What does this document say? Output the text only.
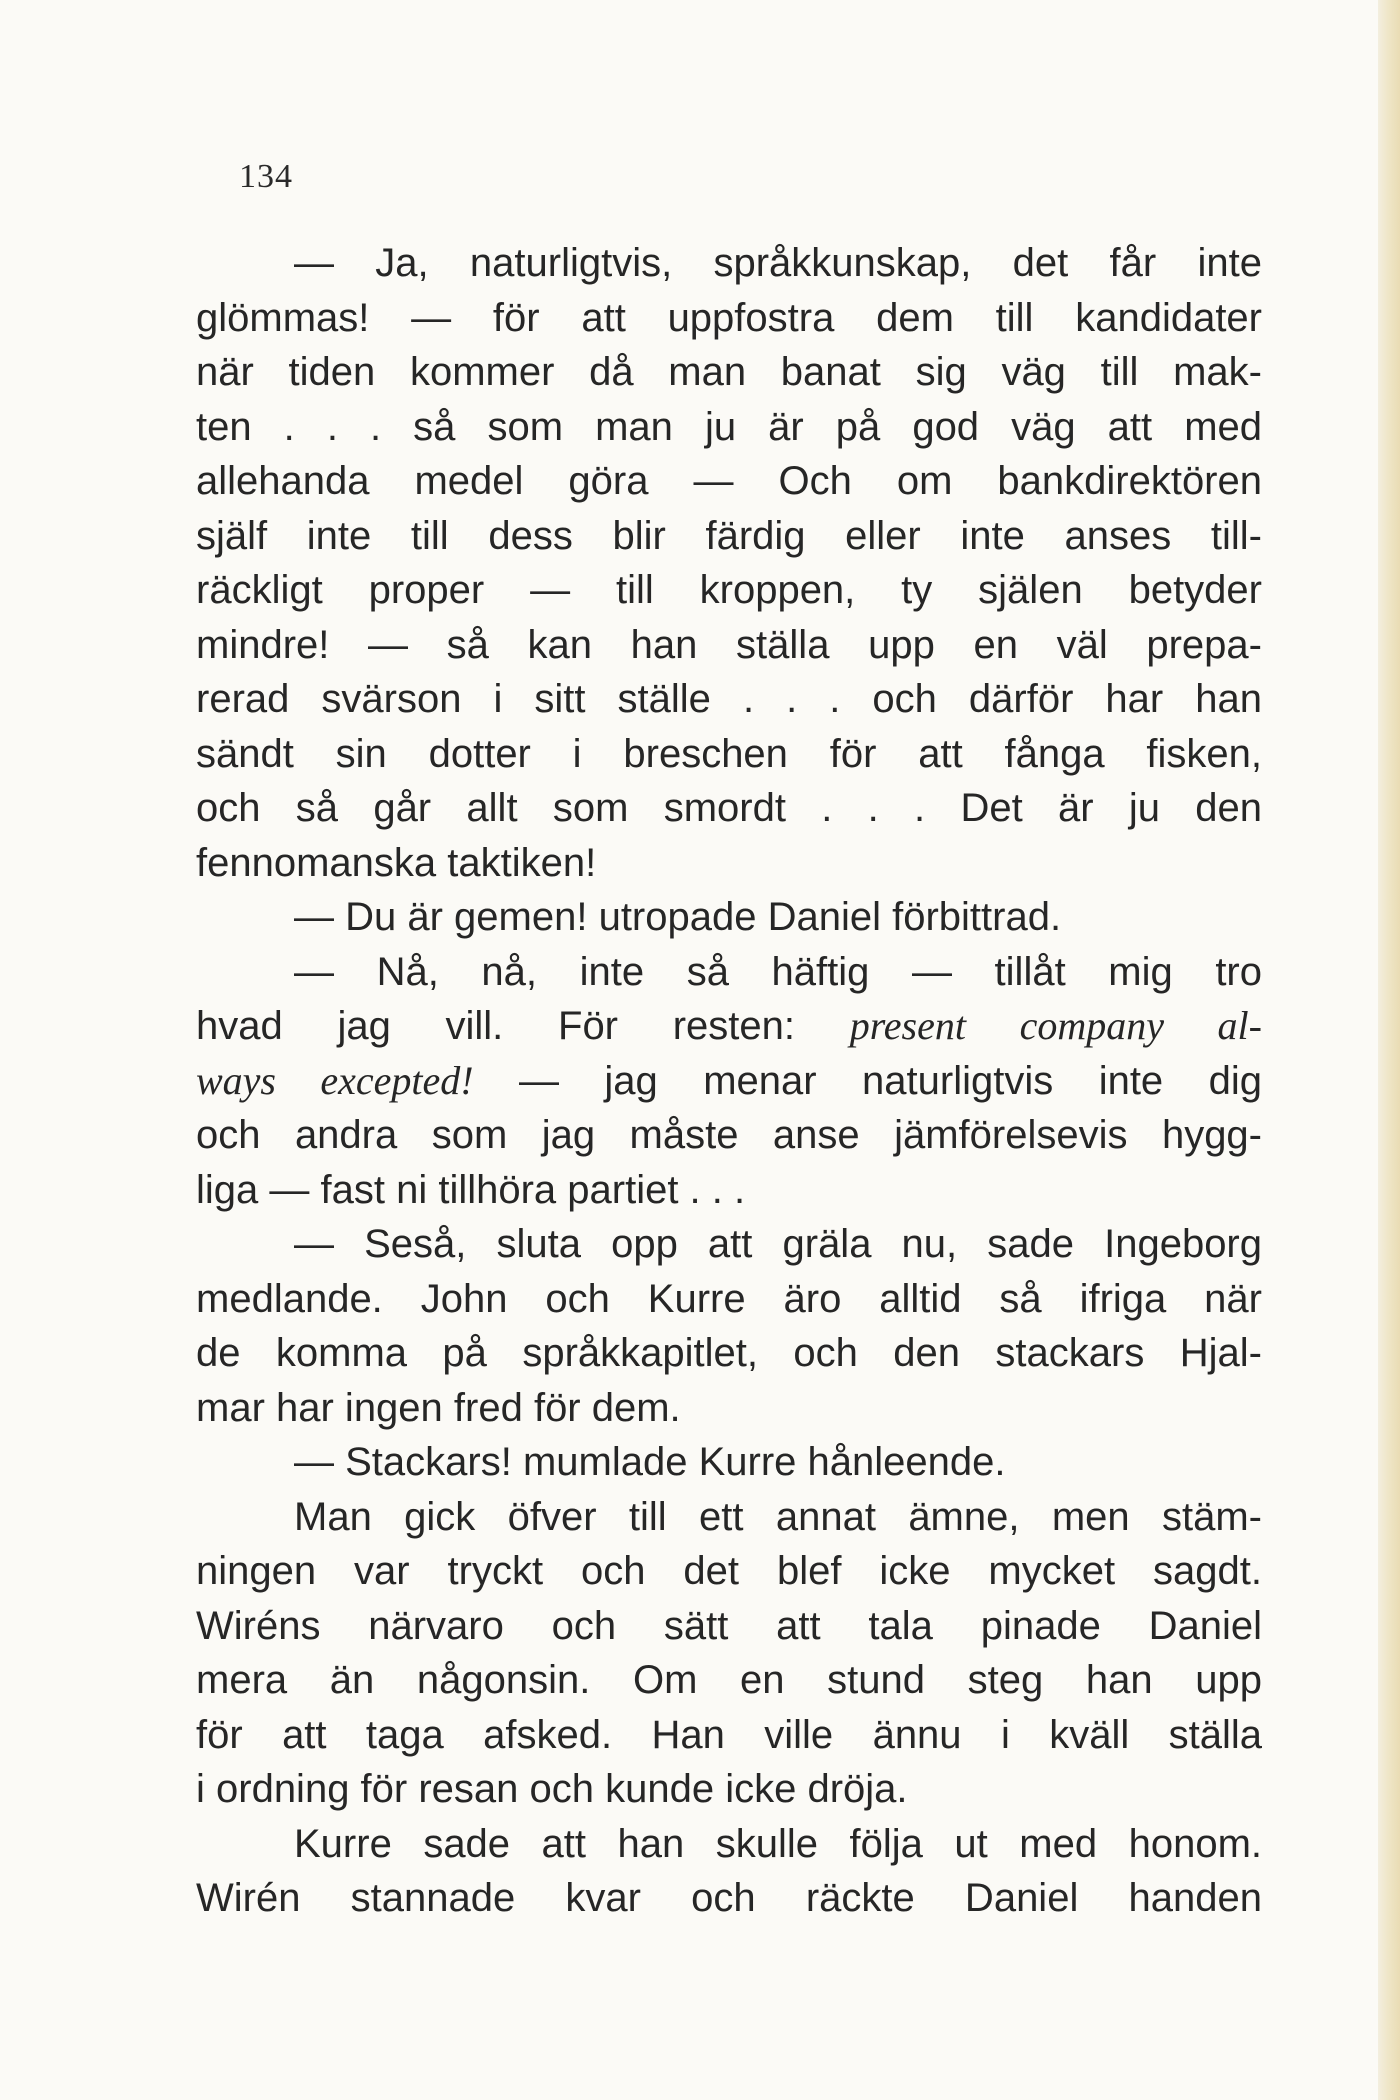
134
— Ja, naturligtvis, språkkunskap, det får inte
glömmas! — för att uppfostra dem till kandidater
när tiden kommer då man banat sig väg till mak-
ten . . . så som man ju är på god väg att med
allehanda medel göra — Och om bankdirektören
själf inte till dess blir färdig eller inte anses till-
räckligt proper — till kroppen, ty själen betyder
mindre! — så kan han ställa upp en väl prepa-
rerad svärson i sitt ställe . . . och därför har han
sändt sin dotter i breschen för att fånga fisken,
och så går allt som smordt . . . Det är ju den
fennomanska taktiken!
— Du är gemen! utropade Daniel förbittrad.
— Nå, nå, inte så häftig — tillåt mig tro
hvad jag vill. För resten: present company al-
ways excepted! — jag menar naturligtvis inte dig
och andra som jag måste anse jämförelsevis hygg-
liga — fast ni tillhöra partiet . . .
— Seså, sluta opp att gräla nu, sade Ingeborg
medlande. John och Kurre äro alltid så ifriga när
de komma på språkkapitlet, och den stackars Hjal-
mar har ingen fred för dem.
— Stackars! mumlade Kurre hånleende.
Man gick öfver till ett annat ämne, men stäm-
ningen var tryckt och det blef icke mycket sagdt.
Wiréns närvaro och sätt att tala pinade Daniel
mera än någonsin. Om en stund steg han upp
för att taga afsked. Han ville ännu i kväll ställa
i ordning för resan och kunde icke dröja.
Kurre sade att han skulle följa ut med honom.
Wirén stannade kvar och räckte Daniel handen
